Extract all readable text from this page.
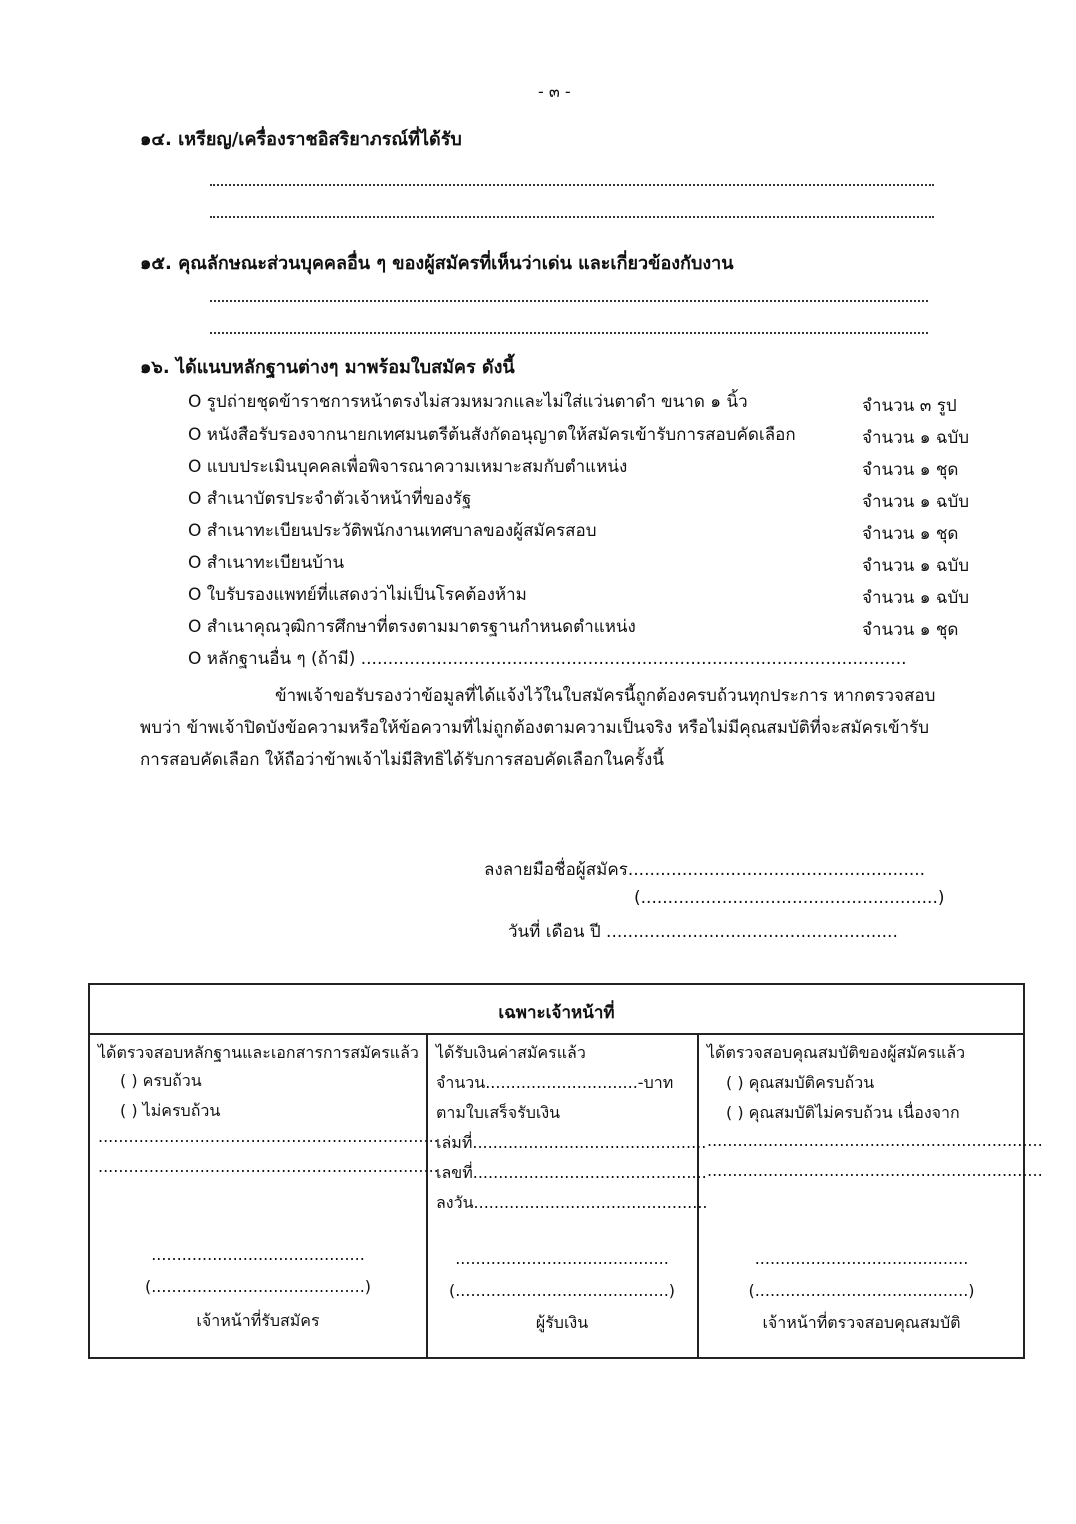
- ๓ -
๑๔. เหรียญ/เครื่องราชอิสริยาภรณ์ที่ได้รับ
๑๕. คุณลักษณะส่วนบุคคลอื่น ๆ ของผู้สมัครที่เห็นว่าเด่น และเกี่ยวข้องกับงาน
๑๖. ได้แนบหลักฐานต่างๆ มาพร้อมใบสมัคร ดังนี้
O รูปถ่ายชุดข้าราชการหน้าตรงไม่สวมหมวกและไม่ใส่แว่นตาดำ ขนาด ๑ นิ้ว	จำนวน ๓ รูป
O หนังสือรับรองจากนายกเทศมนตรีต้นสังกัดอนุญาตให้สมัครเข้ารับการสอบคัดเลือก	จำนวน ๑ ฉบับ
O แบบประเมินบุคคลเพื่อพิจารณาความเหมาะสมกับตำแหน่ง	จำนวน ๑ ชุด
O สำเนาบัตรประจำตัวเจ้าหน้าที่ของรัฐ	จำนวน ๑ ฉบับ
O สำเนาทะเบียนประวัติพนักงานเทศบาลของผู้สมัครสอบ	จำนวน ๑ ชุด
O สำเนาทะเบียนบ้าน	จำนวน ๑ ฉบับ
O ใบรับรองแพทย์ที่แสดงว่าไม่เป็นโรคต้องห้าม	จำนวน ๑ ฉบับ
O สำเนาคุณวุฒิการศึกษาที่ตรงตามมาตรฐานกำหนดตำแหน่ง	จำนวน ๑ ชุด
O หลักฐานอื่น ๆ (ถ้ามี) .....................................................................................................
ข้าพเจ้าขอรับรองว่าข้อมูลที่ได้แจ้งไว้ในใบสมัครนี้ถูกต้องครบถ้วนทุกประการ หากตรวจสอบ
พบว่า ข้าพเจ้าปิดบังข้อความหรือให้ข้อความที่ไม่ถูกต้องตามความเป็นจริง หรือไม่มีคุณสมบัติที่จะสมัครเข้ารับ
การสอบคัดเลือก ให้ถือว่าข้าพเจ้าไม่มีสิทธิได้รับการสอบคัดเลือกในครั้งนี้
ลงลายมือชื่อผู้สมัคร.......................................................
(.......................................................)
วันที่ เดือน ปี ......................................................
เฉพาะเจ้าหน้าที่
ได้ตรวจสอบหลักฐานและเอกสารการสมัครแล้ว
( ) ครบถ้วน
( ) ไม่ครบถ้วน
...................................................................
...................................................................
..........................................
(..........................................)
เจ้าหน้าที่รับสมัคร
ได้รับเงินค่าสมัครแล้ว
จำนวน..............................-บาท
ตามใบเสร็จรับเงิน
เล่มที่..............................................
เลขที่..............................................
ลงวัน..............................................
..........................................
(..........................................)
ผู้รับเงิน
ได้ตรวจสอบคุณสมบัติของผู้สมัครแล้ว
( ) คุณสมบัติครบถ้วน
( ) คุณสมบัติไม่ครบถ้วน เนื่องจาก
..................................................................
..................................................................
..........................................
(..........................................)
เจ้าหน้าที่ตรวจสอบคุณสมบัติ
